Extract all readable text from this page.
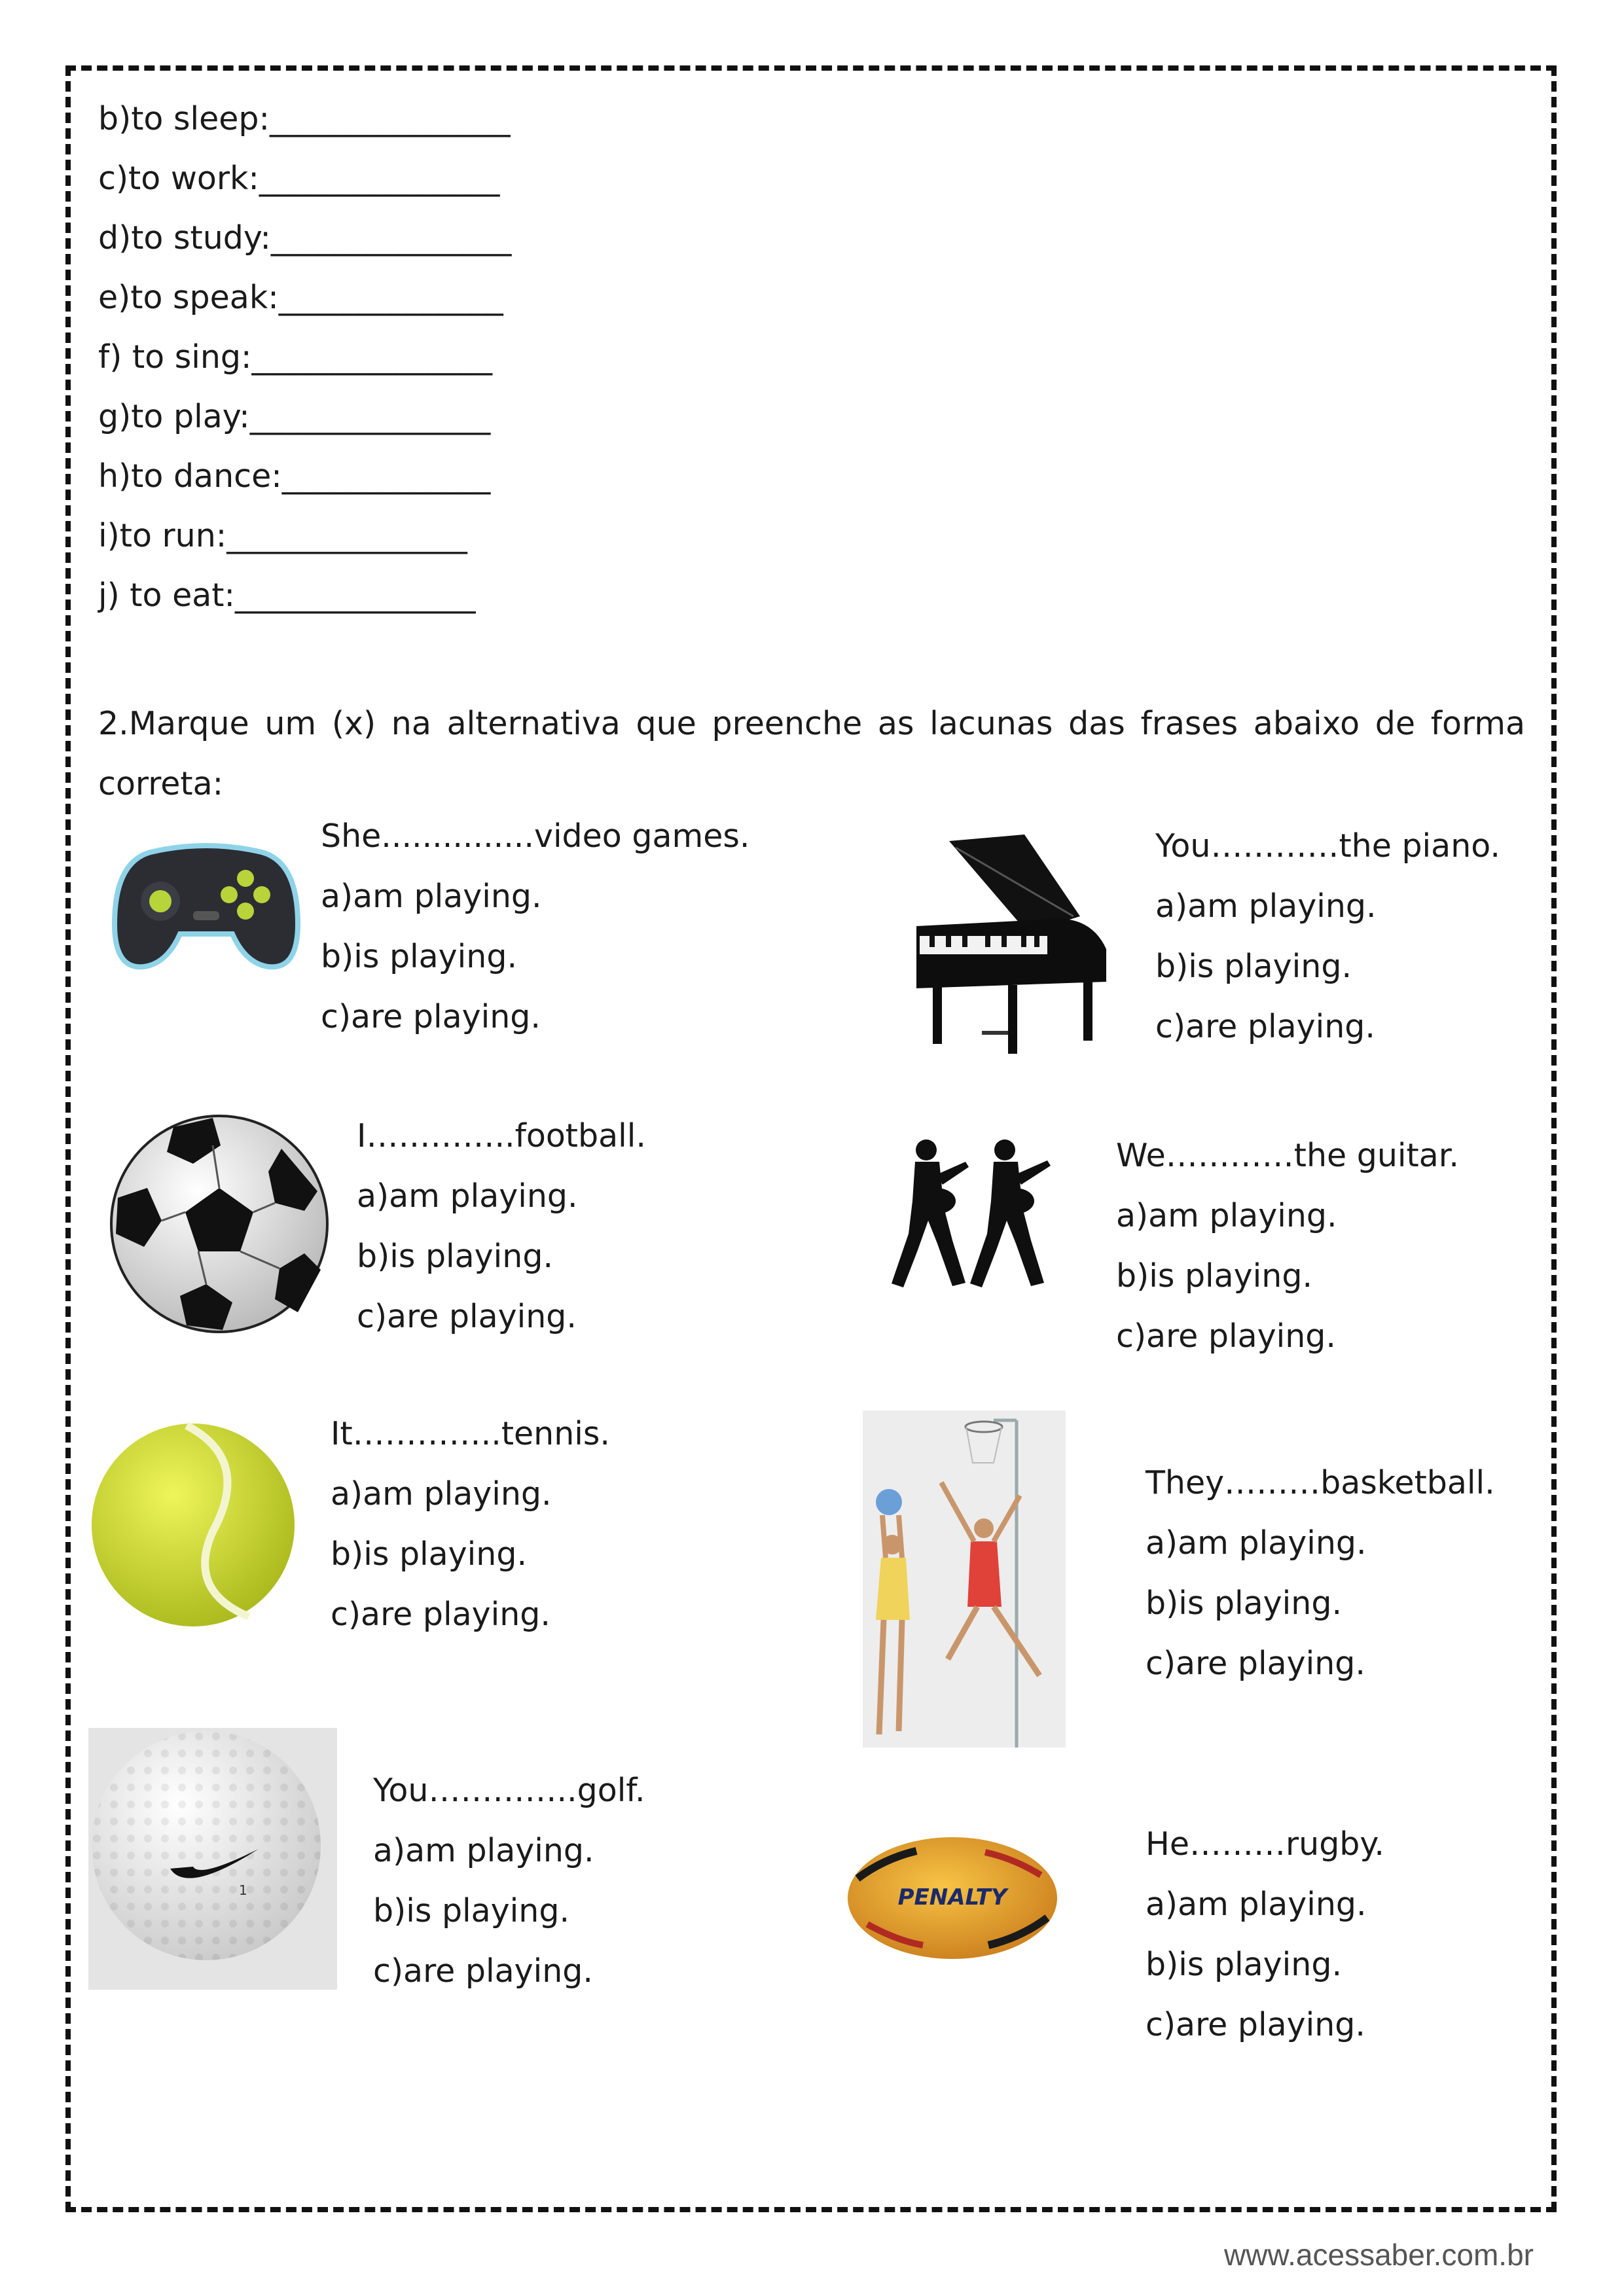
b)to sleep:_______________
c)to work:_______________
d)to study:_______________
e)to speak:______________
f) to sing:_______________
g)to play:_______________
h)to dance:_____________
i)to run:_______________
j) to eat:_______________
2.Marque um (x) na alternativa que preenche as lacunas das frases abaixo de forma correta:
She...............video games.
a)am playing.
b)is playing.
c)are playing.
You…………the piano.
a)am playing.
b)is playing.
c)are playing.
I…………..football.
a)am playing.
b)is playing.
c)are playing.
We…………the guitar.
a)am playing.
b)is playing.
c)are playing.
It…………..tennis.
a)am playing.
b)is playing.
c)are playing.
They………basketball.
a)am playing.
b)is playing.
c)are playing.
1
You…………..golf.
a)am playing.
b)is playing.
c)are playing.
PENALTY
He………rugby.
a)am playing.
b)is playing.
c)are playing.
www.acessaber.com.br
